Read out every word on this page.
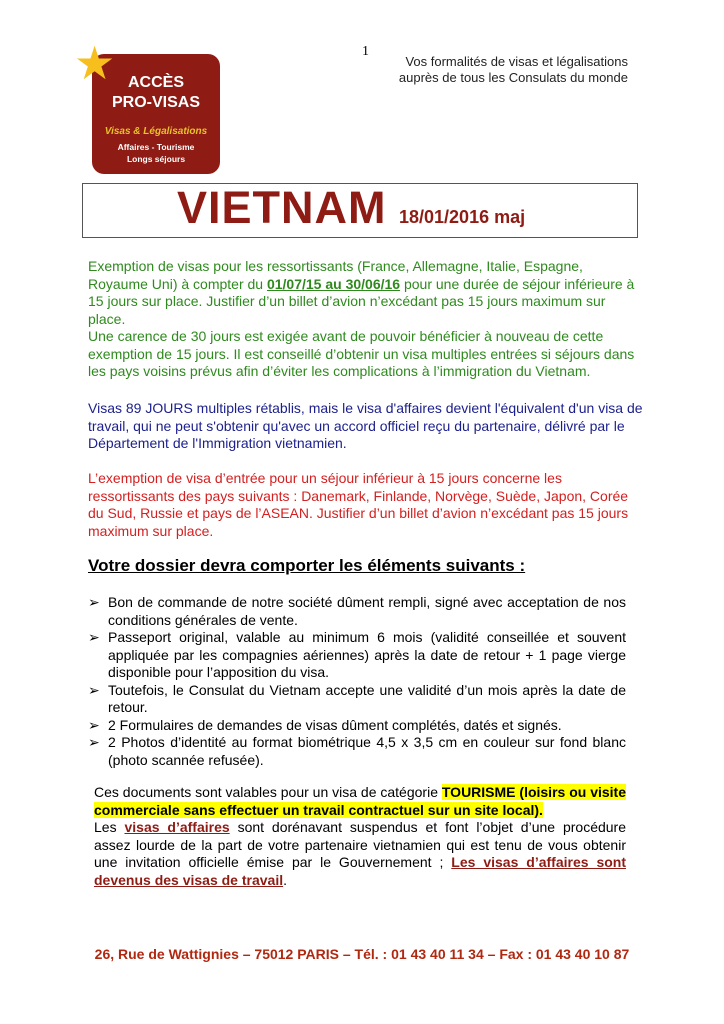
1
Vos formalités de visas et légalisations
auprès de tous les Consulats du monde
★ ACCÈS
PRO-VISAS
Visas & Légalisations
Affaires - Tourisme
Longs séjours
VIETNAM 18/01/2016 maj
Exemption de visas pour les ressortissants (France, Allemagne, Italie, Espagne, Royaume Uni) à compter du 01/07/15 au 30/06/16 pour une durée de séjour inférieure à 15 jours sur place. Justifier d’un billet d’avion n’excédant pas 15 jours maximum sur place.
Une carence de 30 jours est exigée avant de pouvoir bénéficier à nouveau de cette exemption de 15 jours. Il est conseillé d’obtenir un visa multiples entrées si séjours dans les pays voisins prévus afin d’éviter les complications à l’immigration du Vietnam.
Visas 89 JOURS multiples rétablis, mais le visa d'affaires devient l'équivalent d'un visa de travail, qui ne peut s'obtenir qu'avec un accord officiel reçu du partenaire, délivré par le Département de l'Immigration vietnamien.
L’exemption de visa d’entrée pour un séjour inférieur à 15 jours concerne les ressortissants des pays suivants : Danemark, Finlande, Norvège, Suède, Japon, Corée du Sud, Russie et pays de l’ASEAN. Justifier d’un billet d’avion n’excédant pas 15 jours maximum sur place.
Votre dossier devra comporter les éléments suivants :
➢ Bon de commande de notre société dûment rempli, signé avec acceptation de nos conditions générales de vente.
➢ Passeport original, valable au minimum 6 mois (validité conseillée et souvent appliquée par les compagnies aériennes) après la date de retour + 1 page vierge disponible pour l’apposition du visa.
➢ Toutefois, le Consulat du Vietnam accepte une validité d’un mois après la date de retour.
➢ 2 Formulaires de demandes de visas dûment complétés, datés et signés.
➢ 2 Photos d’identité au format biométrique 4,5 x 3,5 cm en couleur sur fond blanc (photo scannée refusée).
Ces documents sont valables pour un visa de catégorie TOURISME (loisirs ou visite commerciale sans effectuer un travail contractuel sur un site local).
Les visas d’affaires sont dorénavant suspendus et font l’objet d’une procédure assez lourde de la part de votre partenaire vietnamien qui est tenu de vous obtenir une invitation officielle émise par le Gouvernement ; Les visas d’affaires sont devenus des visas de travail.
26, Rue de Wattignies – 75012 PARIS – Tél. : 01 43 40 11 34 – Fax : 01 43 40 10 87
